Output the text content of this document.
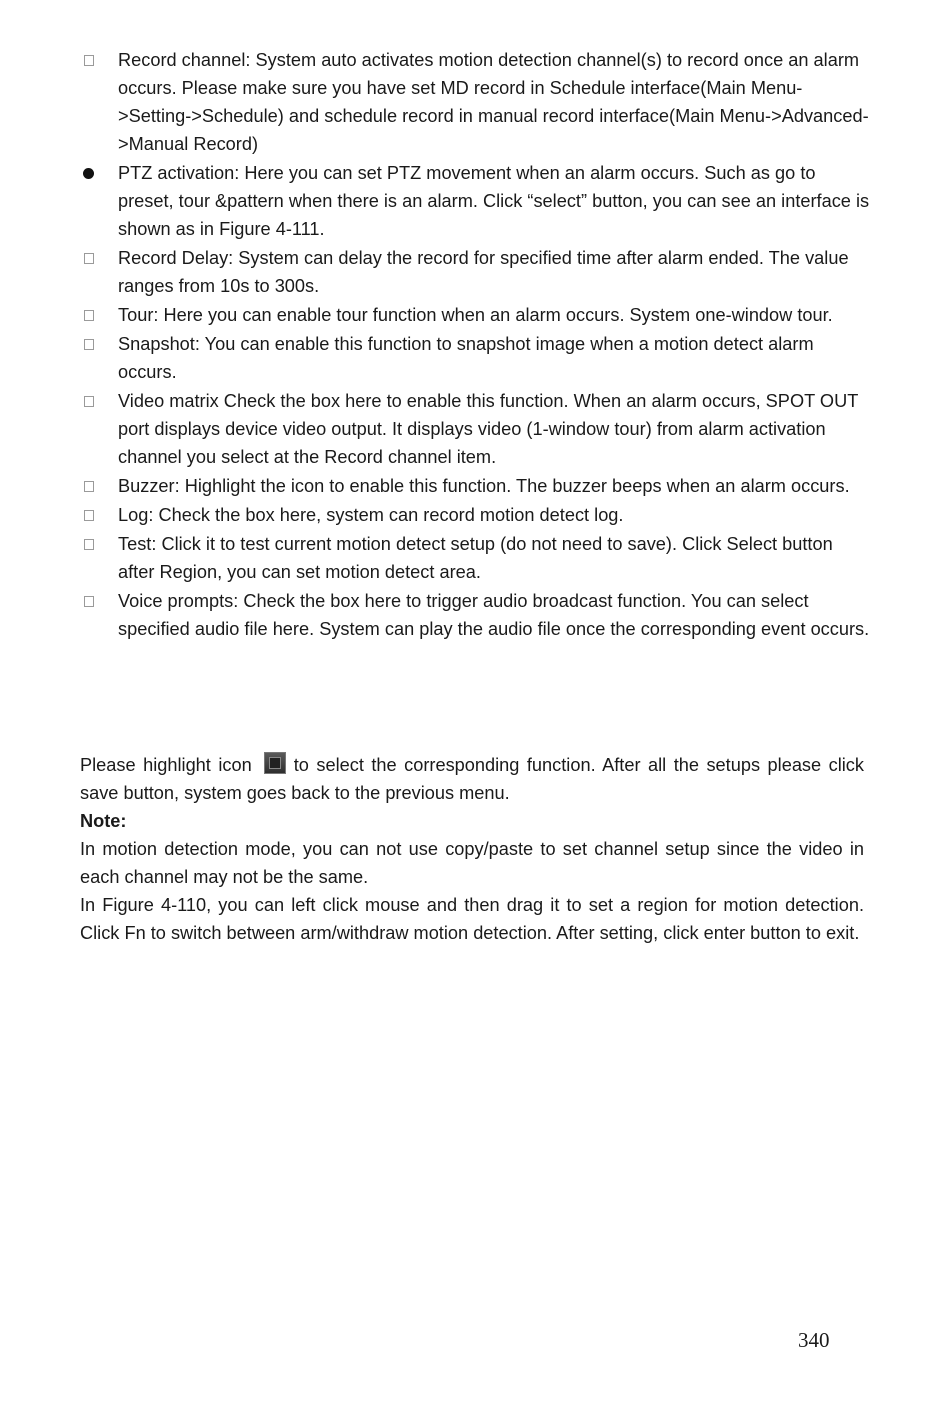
Record channel: System auto activates motion detection channel(s) to record once an alarm occurs. Please make sure you have set MD record in Schedule interface(Main Menu->Setting->Schedule) and schedule record in manual record interface(Main Menu->Advanced->Manual Record)
PTZ activation: Here you can set PTZ movement when an alarm occurs. Such as go to preset, tour &pattern when there is an alarm. Click “select” button, you can see an interface is shown as in Figure 4-111.
Record Delay: System can delay the record for specified time after alarm ended. The value ranges from 10s to 300s.
Tour: Here you can enable tour function when an alarm occurs. System one-window tour.
Snapshot: You can enable this function to snapshot image when a motion detect alarm occurs.
Video matrix Check the box here to enable this function. When an alarm occurs, SPOT OUT port displays device video output. It displays video (1-window tour) from alarm activation channel you select at the Record channel item.
Buzzer: Highlight the icon to enable this function. The buzzer beeps when an alarm occurs.
Log: Check the box here, system can record motion detect log.
Test: Click it to test current motion detect setup (do not need to save). Click Select button after Region, you can set motion detect area.
Voice prompts: Check the box here to trigger audio broadcast function. You can select specified audio file here. System can play the audio file once the corresponding event occurs.

Please highlight icon to select the corresponding function. After all the setups please click save button, system goes back to the previous menu.

Note:

In motion detection mode, you can not use copy/paste to set channel setup since the video in each channel may not be the same.

In Figure 4-110, you can left click mouse and then drag it to set a region for motion detection. Click Fn to switch between arm/withdraw motion detection. After setting, click enter button to exit.

340
